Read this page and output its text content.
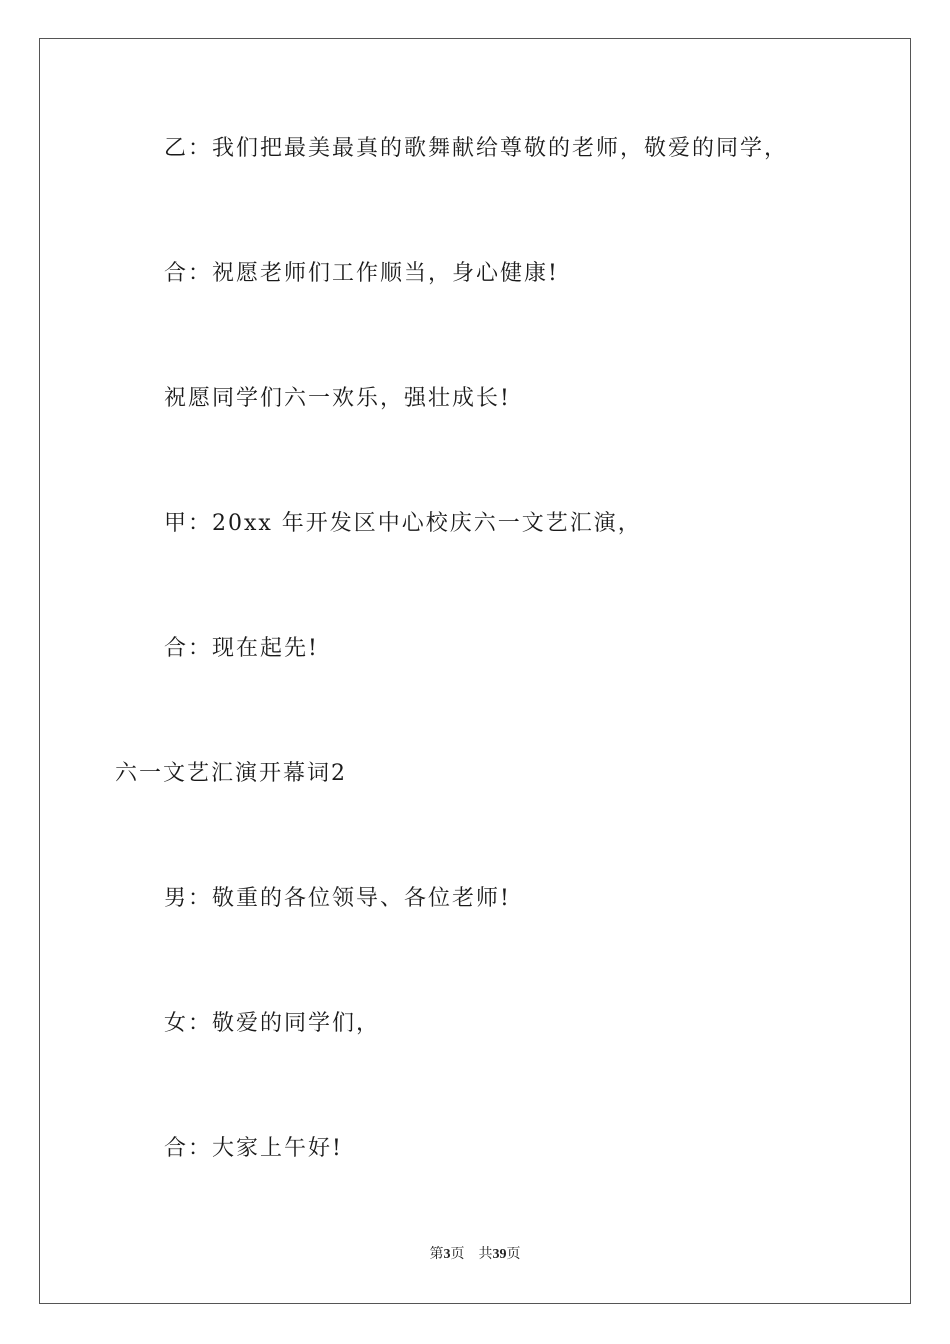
乙：我们把最美最真的歌舞献给尊敬的老师，敬爱的同学，
合：祝愿老师们工作顺当，身心健康!
祝愿同学们六一欢乐，强壮成长!
甲：20xx 年开发区中心校庆六一文艺汇演，
合：现在起先!
六一文艺汇演开幕词2
男：敬重的各位领导、各位老师!
女：敬爱的同学们，
合：大家上午好!
第3页 共39页
